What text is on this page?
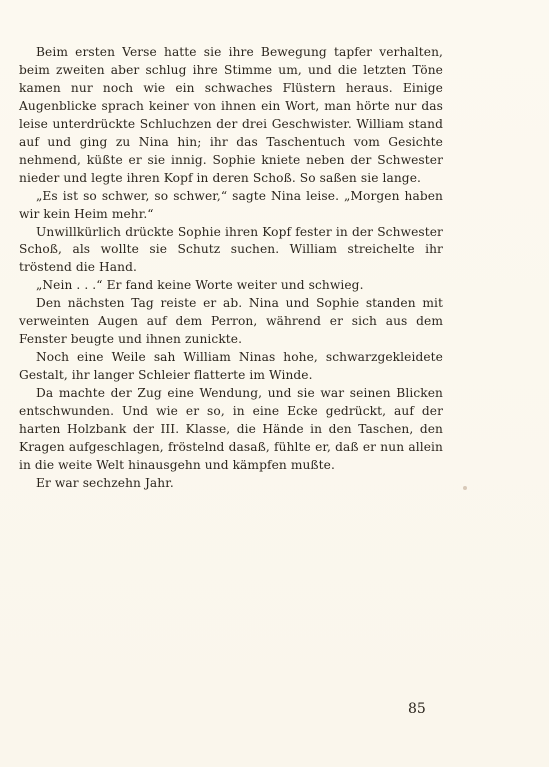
Beim ersten Verse hatte sie ihre Bewegung tapfer verhalten, beim zweiten aber schlug ihre Stimme um, und die letzten Töne kamen nur noch wie ein schwaches Flüstern heraus. Einige Augenblicke sprach keiner von ihnen ein Wort, man hörte nur das leise unterdrückte Schluchzen der drei Geschwister. William stand auf und ging zu Nina hin; ihr das Taschentuch vom Gesichte nehmend, küßte er sie innig. Sophie kniete neben der Schwester nieder und legte ihren Kopf in deren Schoß. So saßen sie lange.

„Es ist so schwer, so schwer,“ sagte Nina leise. „Morgen haben wir kein Heim mehr.“

Unwillkürlich drückte Sophie ihren Kopf fester in der Schwester Schoß, als wollte sie Schutz suchen. William streichelte ihr tröstend die Hand.

„Nein . . .“ Er fand keine Worte weiter und schwieg.

Den nächsten Tag reiste er ab. Nina und Sophie standen mit verweinten Augen auf dem Perron, während er sich aus dem Fenster beugte und ihnen zunickte.

Noch eine Weile sah William Ninas hohe, schwarzgekleidete Gestalt, ihr langer Schleier flatterte im Winde.

Da machte der Zug eine Wendung, und sie war seinen Blicken entschwunden. Und wie er so, in eine Ecke gedrückt, auf der harten Holzbank der III. Klasse, die Hände in den Taschen, den Kragen aufgeschlagen, fröstelnd dasaß, fühlte er, daß er nun allein in die weite Welt hinausgehn und kämpfen mußte.

Er war sechzehn Jahr.

85
